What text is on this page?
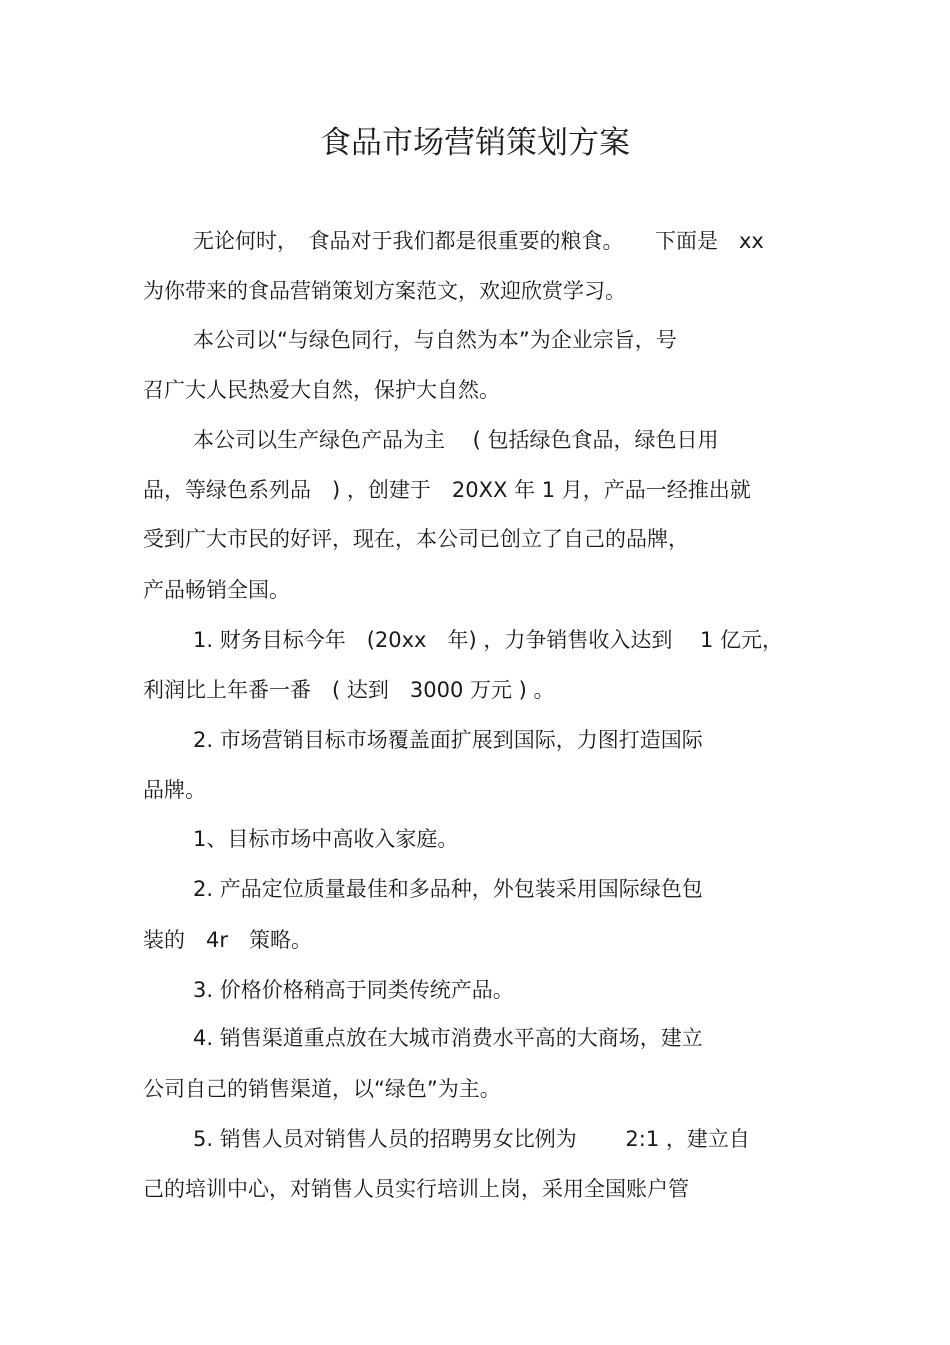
食品市场营销策划方案
无论何时，　食品对于我们都是很重要的粮食。　　下面是　xx
为你带来的食品营销策划方案范文，欢迎欣赏学习。
本公司以“与绿色同行，与自然为本”为企业宗旨，号
召广大人民热爱大自然，保护大自然。
本公司以生产绿色产品为主　 ( 包括绿色食品，绿色日用
品，等绿色系列品　) ，创建于　20XX 年 1 月，产品一经推出就
受到广大市民的好评，现在，本公司已创立了自己的品牌，
产品畅销全国。
1. 财务目标今年　(20xx　年) ，力争销售收入达到　 1 亿元，
利润比上年番一番　( 达到　3000 万元 ) 。
2. 市场营销目标市场覆盖面扩展到国际，力图打造国际
品牌。
1、目标市场中高收入家庭。
2. 产品定位质量最佳和多品种，外包装采用国际绿色包
装的　4r　策略。
3. 价格价格稍高于同类传统产品。
4. 销售渠道重点放在大城市消费水平高的大商场，建立
公司自己的销售渠道，以“绿色”为主。
5. 销售人员对销售人员的招聘男女比例为　　 2:1 ，建立自
己的培训中心，对销售人员实行培训上岗，采用全国账户管
